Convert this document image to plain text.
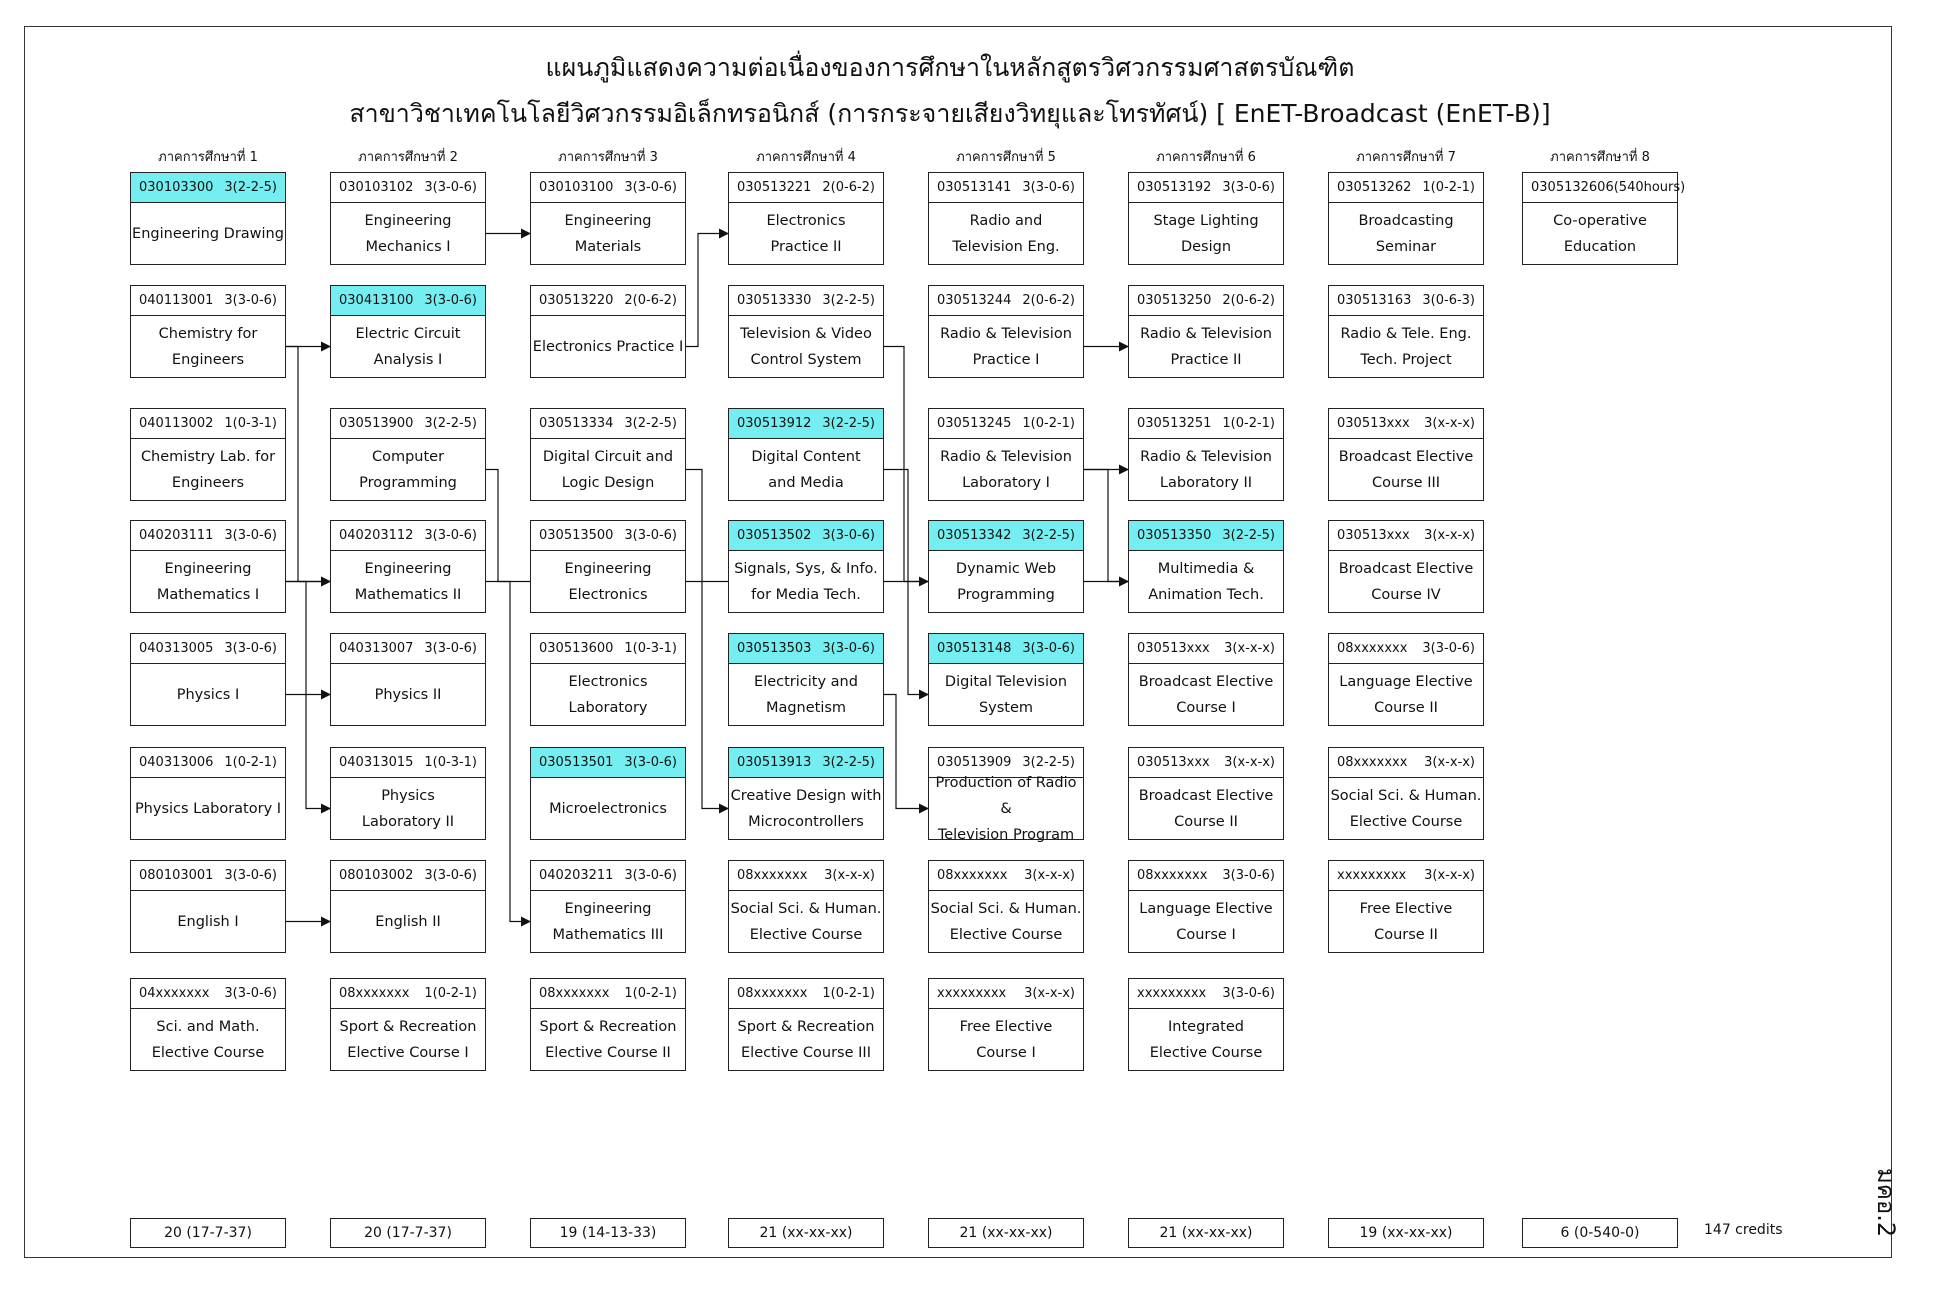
แผนภูมิแสดงความต่อเนื่องของการศึกษาในหลักสูตรวิศวกรรมศาสตรบัณฑิต
สาขาวิชาเทคโนโลยีวิศวกรรมอิเล็กทรอนิกส์ (การกระจายเสียงวิทยุและโทรทัศน์) [ EnET-Broadcast (EnET-B)]
ภาคการศึกษาที่ 1
030103300 3(2-2-5)
Engineering Drawing
040113001 3(3-0-6)
Chemistry for
Engineers
040113002 1(0-3-1)
Chemistry Lab. for
Engineers
040203111 3(3-0-6)
Engineering
Mathematics I
040313005 3(3-0-6)
Physics I
040313006 1(0-2-1)
Physics Laboratory I
080103001 3(3-0-6)
English I
04xxxxxxx 3(3-0-6)
Sci. and Math.
Elective Course
20 (17-7-37)
ภาคการศึกษาที่ 2
030103102 3(3-0-6)
Engineering
Mechanics I
030413100 3(3-0-6)
Electric Circuit
Analysis I
030513900 3(2-2-5)
Computer
Programming
040203112 3(3-0-6)
Engineering
Mathematics II
040313007 3(3-0-6)
Physics II
040313015 1(0-3-1)
Physics
Laboratory II
080103002 3(3-0-6)
English II
08xxxxxxx 1(0-2-1)
Sport & Recreation
Elective Course I
20 (17-7-37)
ภาคการศึกษาที่ 3
030103100 3(3-0-6)
Engineering
Materials
030513220 2(0-6-2)
Electronics Practice I
030513334 3(2-2-5)
Digital Circuit and
Logic Design
030513500 3(3-0-6)
Engineering
Electronics
030513600 1(0-3-1)
Electronics
Laboratory
030513501 3(3-0-6)
Microelectronics
040203211 3(3-0-6)
Engineering
Mathematics III
08xxxxxxx 1(0-2-1)
Sport & Recreation
Elective Course II
19 (14-13-33)
ภาคการศึกษาที่ 4
030513221 2(0-6-2)
Electronics
Practice II
030513330 3(2-2-5)
Television & Video
Control System
030513912 3(2-2-5)
Digital Content
and Media
030513502 3(3-0-6)
Signals, Sys, & Info.
for Media Tech.
030513503 3(3-0-6)
Electricity and
Magnetism
030513913 3(2-2-5)
Creative Design with
Microcontrollers
08xxxxxxx 3(x-x-x)
Social Sci. & Human.
Elective Course
08xxxxxxx 1(0-2-1)
Sport & Recreation
Elective Course III
21 (xx-xx-xx)
ภาคการศึกษาที่ 5
030513141 3(3-0-6)
Radio and
Television Eng.
030513244 2(0-6-2)
Radio & Television
Practice I
030513245 1(0-2-1)
Radio & Television
Laboratory I
030513342 3(2-2-5)
Dynamic Web
Programming
030513148 3(3-0-6)
Digital Television
System
030513909 3(2-2-5)
Production of Radio &
Television Program
08xxxxxxx 3(x-x-x)
Social Sci. & Human.
Elective Course
xxxxxxxxx 3(x-x-x)
Free Elective
Course I
21 (xx-xx-xx)
ภาคการศึกษาที่ 6
030513192 3(3-0-6)
Stage Lighting
Design
030513250 2(0-6-2)
Radio & Television
Practice II
030513251 1(0-2-1)
Radio & Television
Laboratory II
030513350 3(2-2-5)
Multimedia &
Animation Tech.
030513xxx 3(x-x-x)
Broadcast Elective
Course I
030513xxx 3(x-x-x)
Broadcast Elective
Course II
08xxxxxxx 3(3-0-6)
Language Elective
Course I
xxxxxxxxx 3(3-0-6)
Integrated
Elective Course
21 (xx-xx-xx)
ภาคการศึกษาที่ 7
030513262 1(0-2-1)
Broadcasting
Seminar
030513163 3(0-6-3)
Radio & Tele. Eng.
Tech. Project
030513xxx 3(x-x-x)
Broadcast Elective
Course III
030513xxx 3(x-x-x)
Broadcast Elective
Course IV
08xxxxxxx 3(3-0-6)
Language Elective
Course II
08xxxxxxx 3(x-x-x)
Social Sci. & Human.
Elective Course
xxxxxxxxx 3(x-x-x)
Free Elective
Course II
19 (xx-xx-xx)
ภาคการศึกษาที่ 8
030513260 6(540hours)
Co-operative
Education
6 (0-540-0)	147 credits	มคอ.2
